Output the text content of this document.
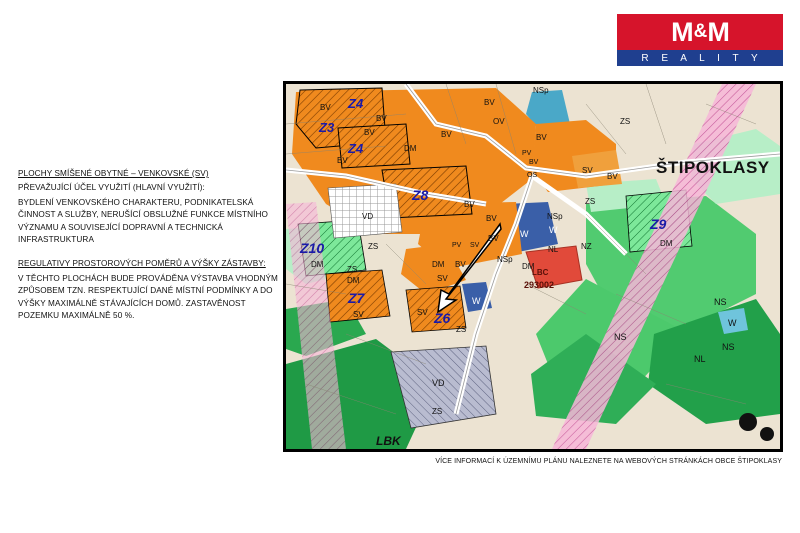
M & M
R E A L I T Y
PLOCHY SMÍŠENÉ OBYTNÉ – VENKOVSKÉ (SV)

PŘEVAŽUJÍCÍ ÚČEL VYUŽITÍ (HLAVNÍ VYUŽITÍ):

BYDLENÍ VENKOVSKÉHO CHARAKTERU, PODNIKATELSKÁ ČINNOST A SLUŽBY, NERUŠÍCÍ OBSLUŽNÉ FUNKCE MÍSTNÍHO VÝZNAMU A SOUVISEJÍCÍ DOPRAVNÍ A TECHNICKÁ INFRASTRUKTURA

REGULATIVY PROSTOROVÝCH POMĚRŮ A VÝŠKY ZÁSTAVBY:

V TĚCHTO PLOCHÁCH BUDE PROVÁDĚNA VÝSTAVBA VHODNÝM ZPŮSOBEM TZN. RESPEKTUJÍCÍ DANÉ MÍSTNÍ PODMÍNKY A DO VÝŠKY MAXIMÁLNĚ STÁVAJÍCÍCH DOMŮ. ZASTAVĚNOST POZEMKU MAXIMÁLNĚ 50 %.

ŠTIPOKLASY
LBC
293002
Z3
Z4
Z4
Z8
Z10
Z7
Z6
Z9
BV
BV
BV
BV
BV
DM
BV
OV
NSp
BV
PV
BV
OS
SV
BV
ZS
ZS
VD
BV
BV	NSp
W W
NL	NZ
ZS	PV SV
BV
NSp
DM
ZS
DM
DM BV	DM
DM
SV
SV	SV
ZS
W
NS
NS
NS
W
NL
VD
ZS
LBK
VÍCE INFORMACÍ K ÚZEMNÍMU PLÁNU NALEZNETE NA WEBOVÝCH STRÁNKÁCH OBCE ŠTIPOKLASY
